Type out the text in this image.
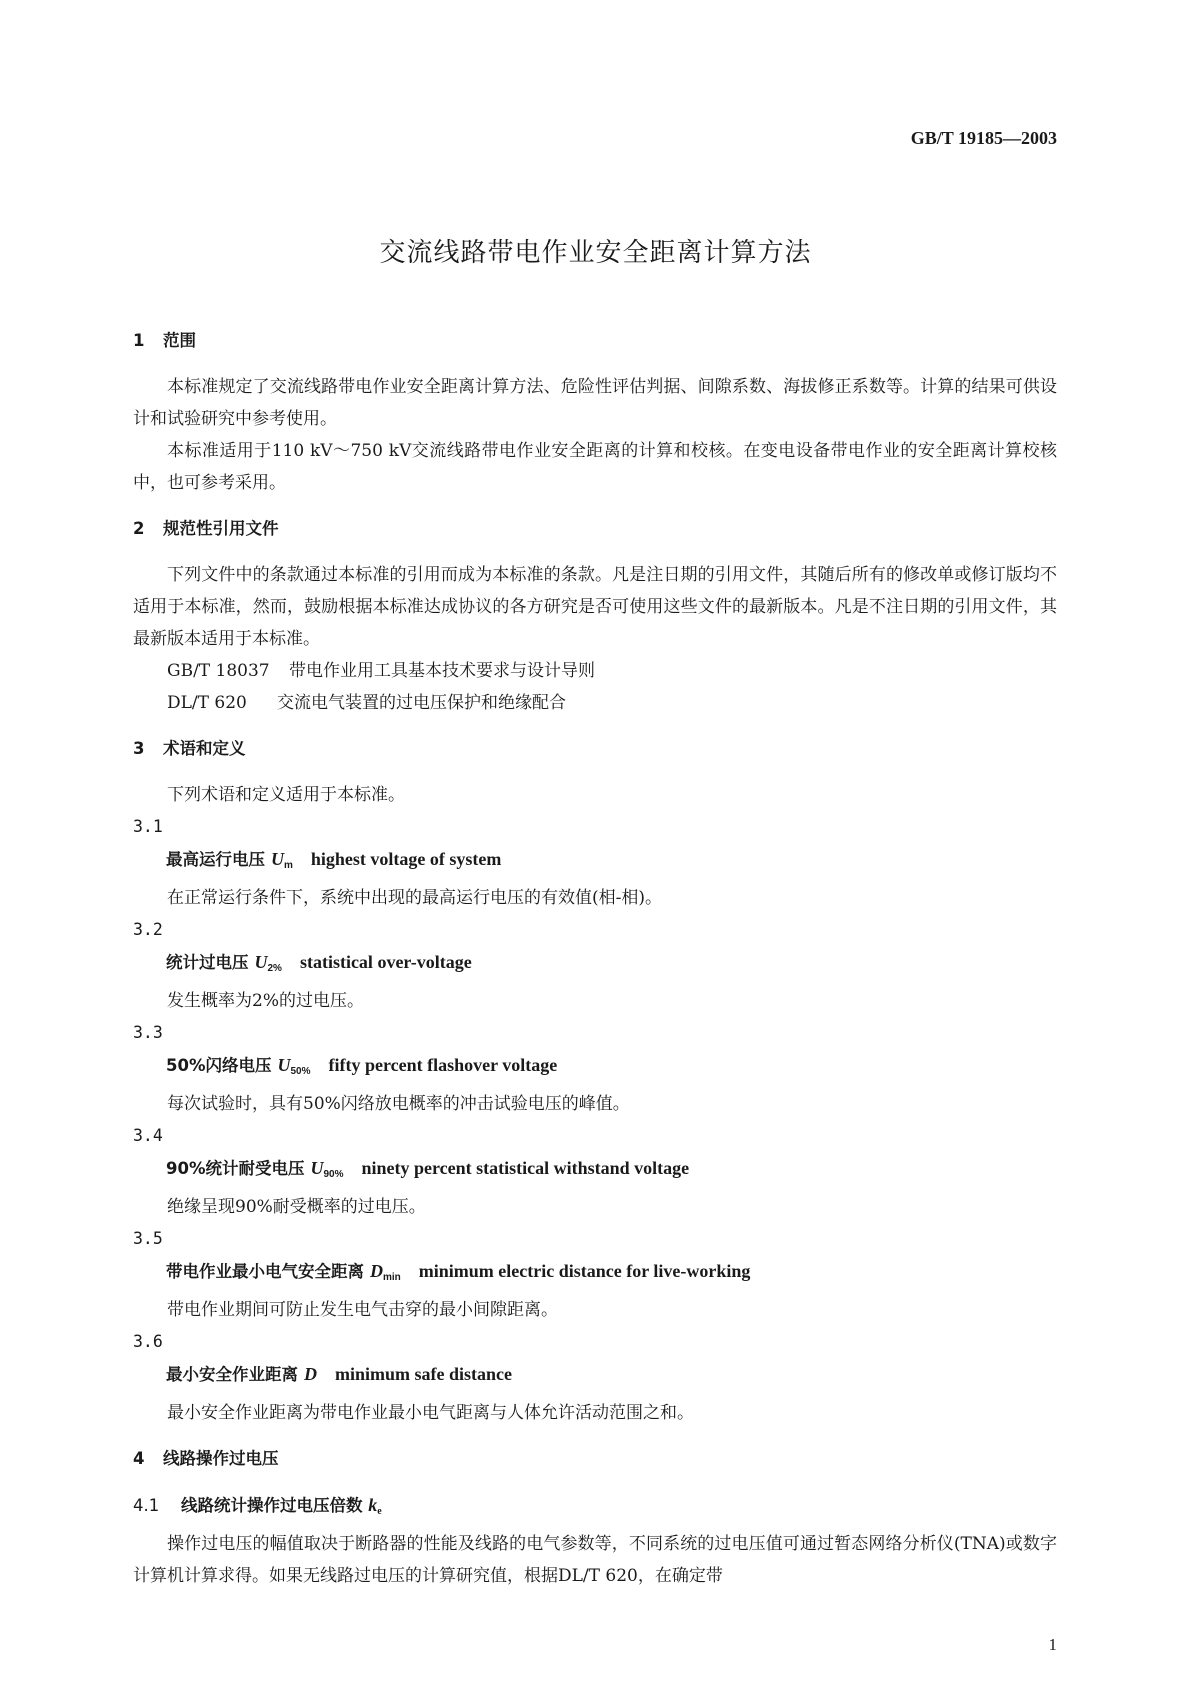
GB/T 19185—2003
交流线路带电作业安全距离计算方法
1 范围
本标准规定了交流线路带电作业安全距离计算方法、危险性评估判据、间隙系数、海拔修正系数等。计算的结果可供设计和试验研究中参考使用。
本标准适用于110 kV～750 kV交流线路带电作业安全距离的计算和校核。在变电设备带电作业的安全距离计算校核中，也可参考采用。
2 规范性引用文件
下列文件中的条款通过本标准的引用而成为本标准的条款。凡是注日期的引用文件，其随后所有的修改单或修订版均不适用于本标准，然而，鼓励根据本标准达成协议的各方研究是否可使用这些文件的最新版本。凡是不注日期的引用文件，其最新版本适用于本标准。
GB/T 18037 带电作业用工具基本技术要求与设计导则
DL/T 620 交流电气装置的过电压保护和绝缘配合
3 术语和定义
下列术语和定义适用于本标准。
3.1
最高运行电压 $U_m$ highest voltage of system
在正常运行条件下，系统中出现的最高运行电压的有效值(相-相)。
3.2
统计过电压 $U_{2\%}$ statistical over-voltage
发生概率为2%的过电压。
3.3
50%闪络电压 $U_{50\%}$ fifty percent flashover voltage
每次试验时，具有50%闪络放电概率的冲击试验电压的峰值。
3.4
90%统计耐受电压 $U_{90\%}$ ninety percent statistical withstand voltage
绝缘呈现90%耐受概率的过电压。
3.5
带电作业最小电气安全距离 $D_{min}$ minimum electric distance for live-working
带电作业期间可防止发生电气击穿的最小间隙距离。
3.6
最小安全作业距离 D minimum safe distance
最小安全作业距离为带电作业最小电气距离与人体允许活动范围之和。
4 线路操作过电压
4.1 线路统计操作过电压倍数 $k_e$
操作过电压的幅值取决于断路器的性能及线路的电气参数等，不同系统的过电压值可通过暂态网络分析仪(TNA)或数字计算机计算求得。如果无线路过电压的计算研究值，根据DL/T 620，在确定带
1
